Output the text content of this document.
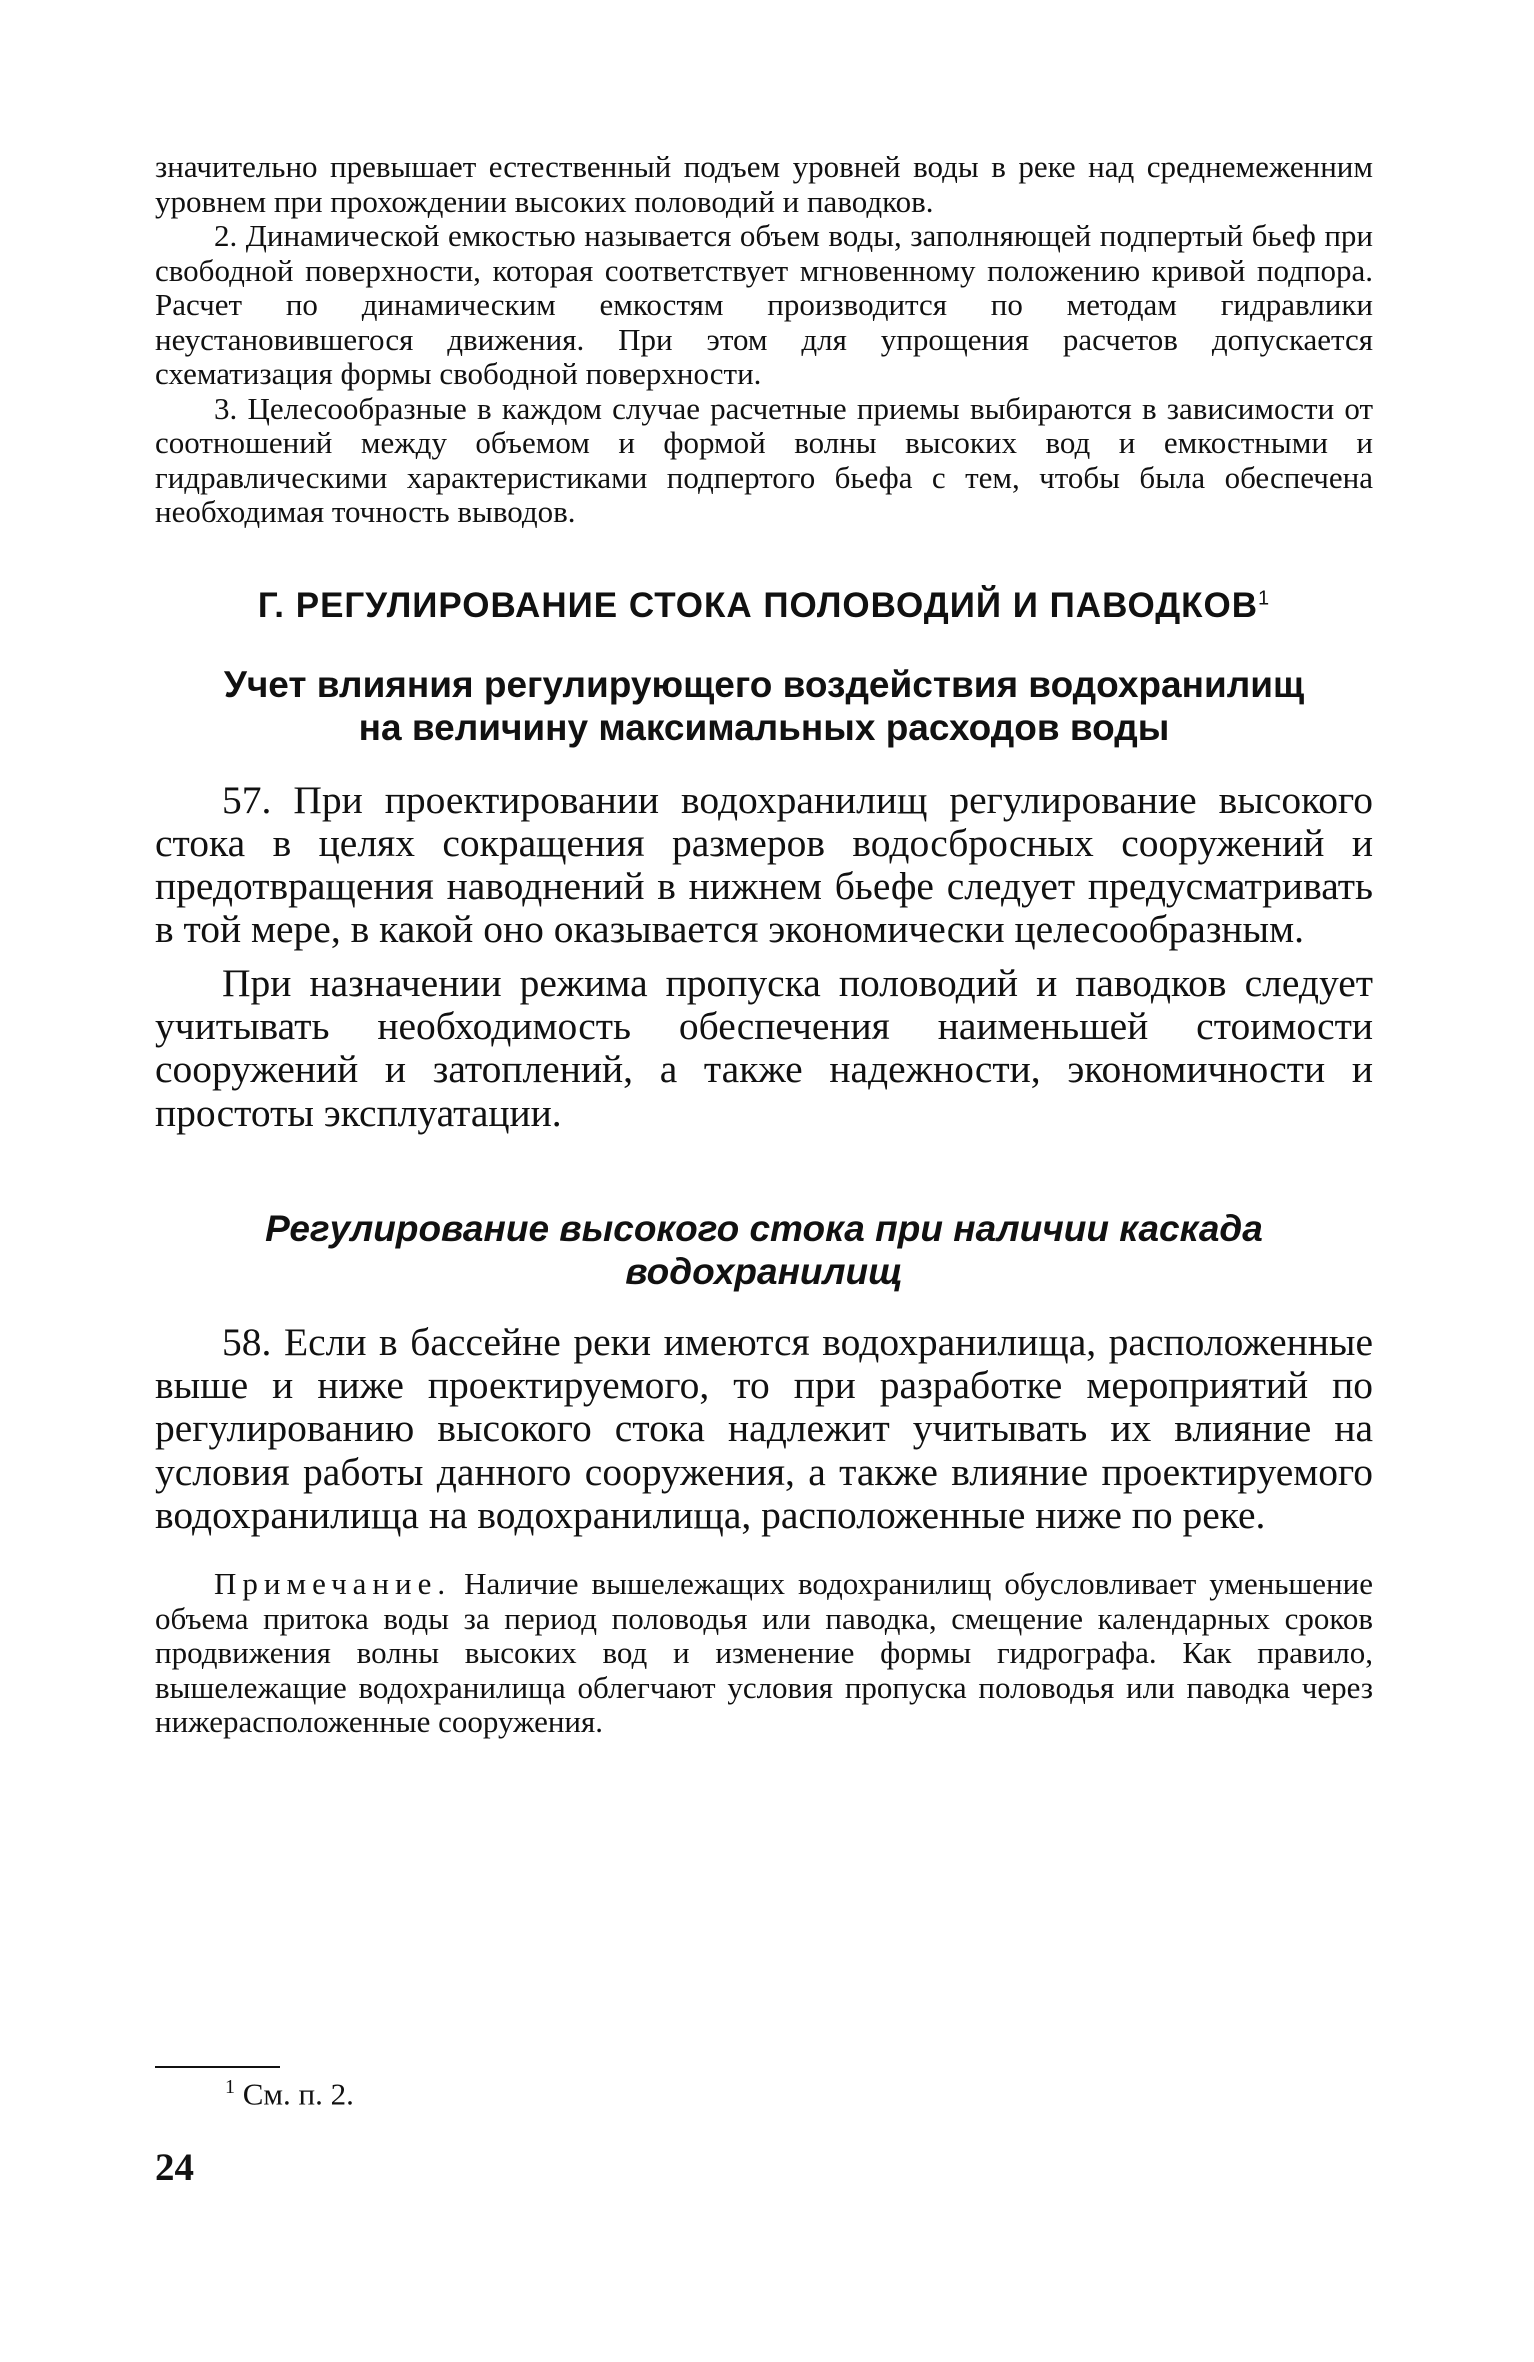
значительно превышает естественный подъем уровней воды в реке над среднемеженним уровнем при прохождении высоких половодий и паводков.

2. Динамической емкостью называется объем воды, заполняющей подпертый бьеф при свободной поверхности, которая соответствует мгновенному положению кривой подпора. Расчет по динамическим емкостям производится по методам гидравлики неустановившегося движения. При этом для упрощения расчетов допускается схематизация формы свободной поверхности.

3. Целесообразные в каждом случае расчетные приемы выбираются в зависимости от соотношений между объемом и формой волны высоких вод и емкостными и гидравлическими характеристиками подпертого бьефа с тем, чтобы была обеспечена необходимая точность выводов.

Г. РЕГУЛИРОВАНИЕ СТОКА ПОЛОВОДИЙ И ПАВОДКОВ$^1$
Учет влияния регулирующего воздействия водохранилищ
на величину максимальных расходов воды

57. При проектировании водохранилищ регулирование высокого стока в целях сокращения размеров водосбросных сооружений и предотвращения наводнений в нижнем бьефе следует предусматривать в той мере, в какой оно оказывается экономически целесообразным.

При назначении режима пропуска половодий и паводков следует учитывать необходимость обеспечения наименьшей стоимости сооружений и затоплений, а также надежности, экономичности и простоты эксплуатации.

Регулирование высокого стока при наличии каскада
водохранилищ

58. Если в бассейне реки имеются водохранилища, расположенные выше и ниже проектируемого, то при разработке мероприятий по регулированию высокого стока надлежит учитывать их влияние на условия работы данного сооружения, а также влияние проектируемого водохранилища на водохранилища, расположенные ниже по реке.

Примечание. Наличие вышележащих водохранилищ обусловливает уменьшение объема притока воды за период половодья или паводка, смещение календарных сроков продвижения волны высоких вод и изменение формы гидрографа. Как правило, вышележащие водохранилища облегчают условия пропуска половодья или паводка через нижерасположенные сооружения.

$^1$ См. п. 2.

24
